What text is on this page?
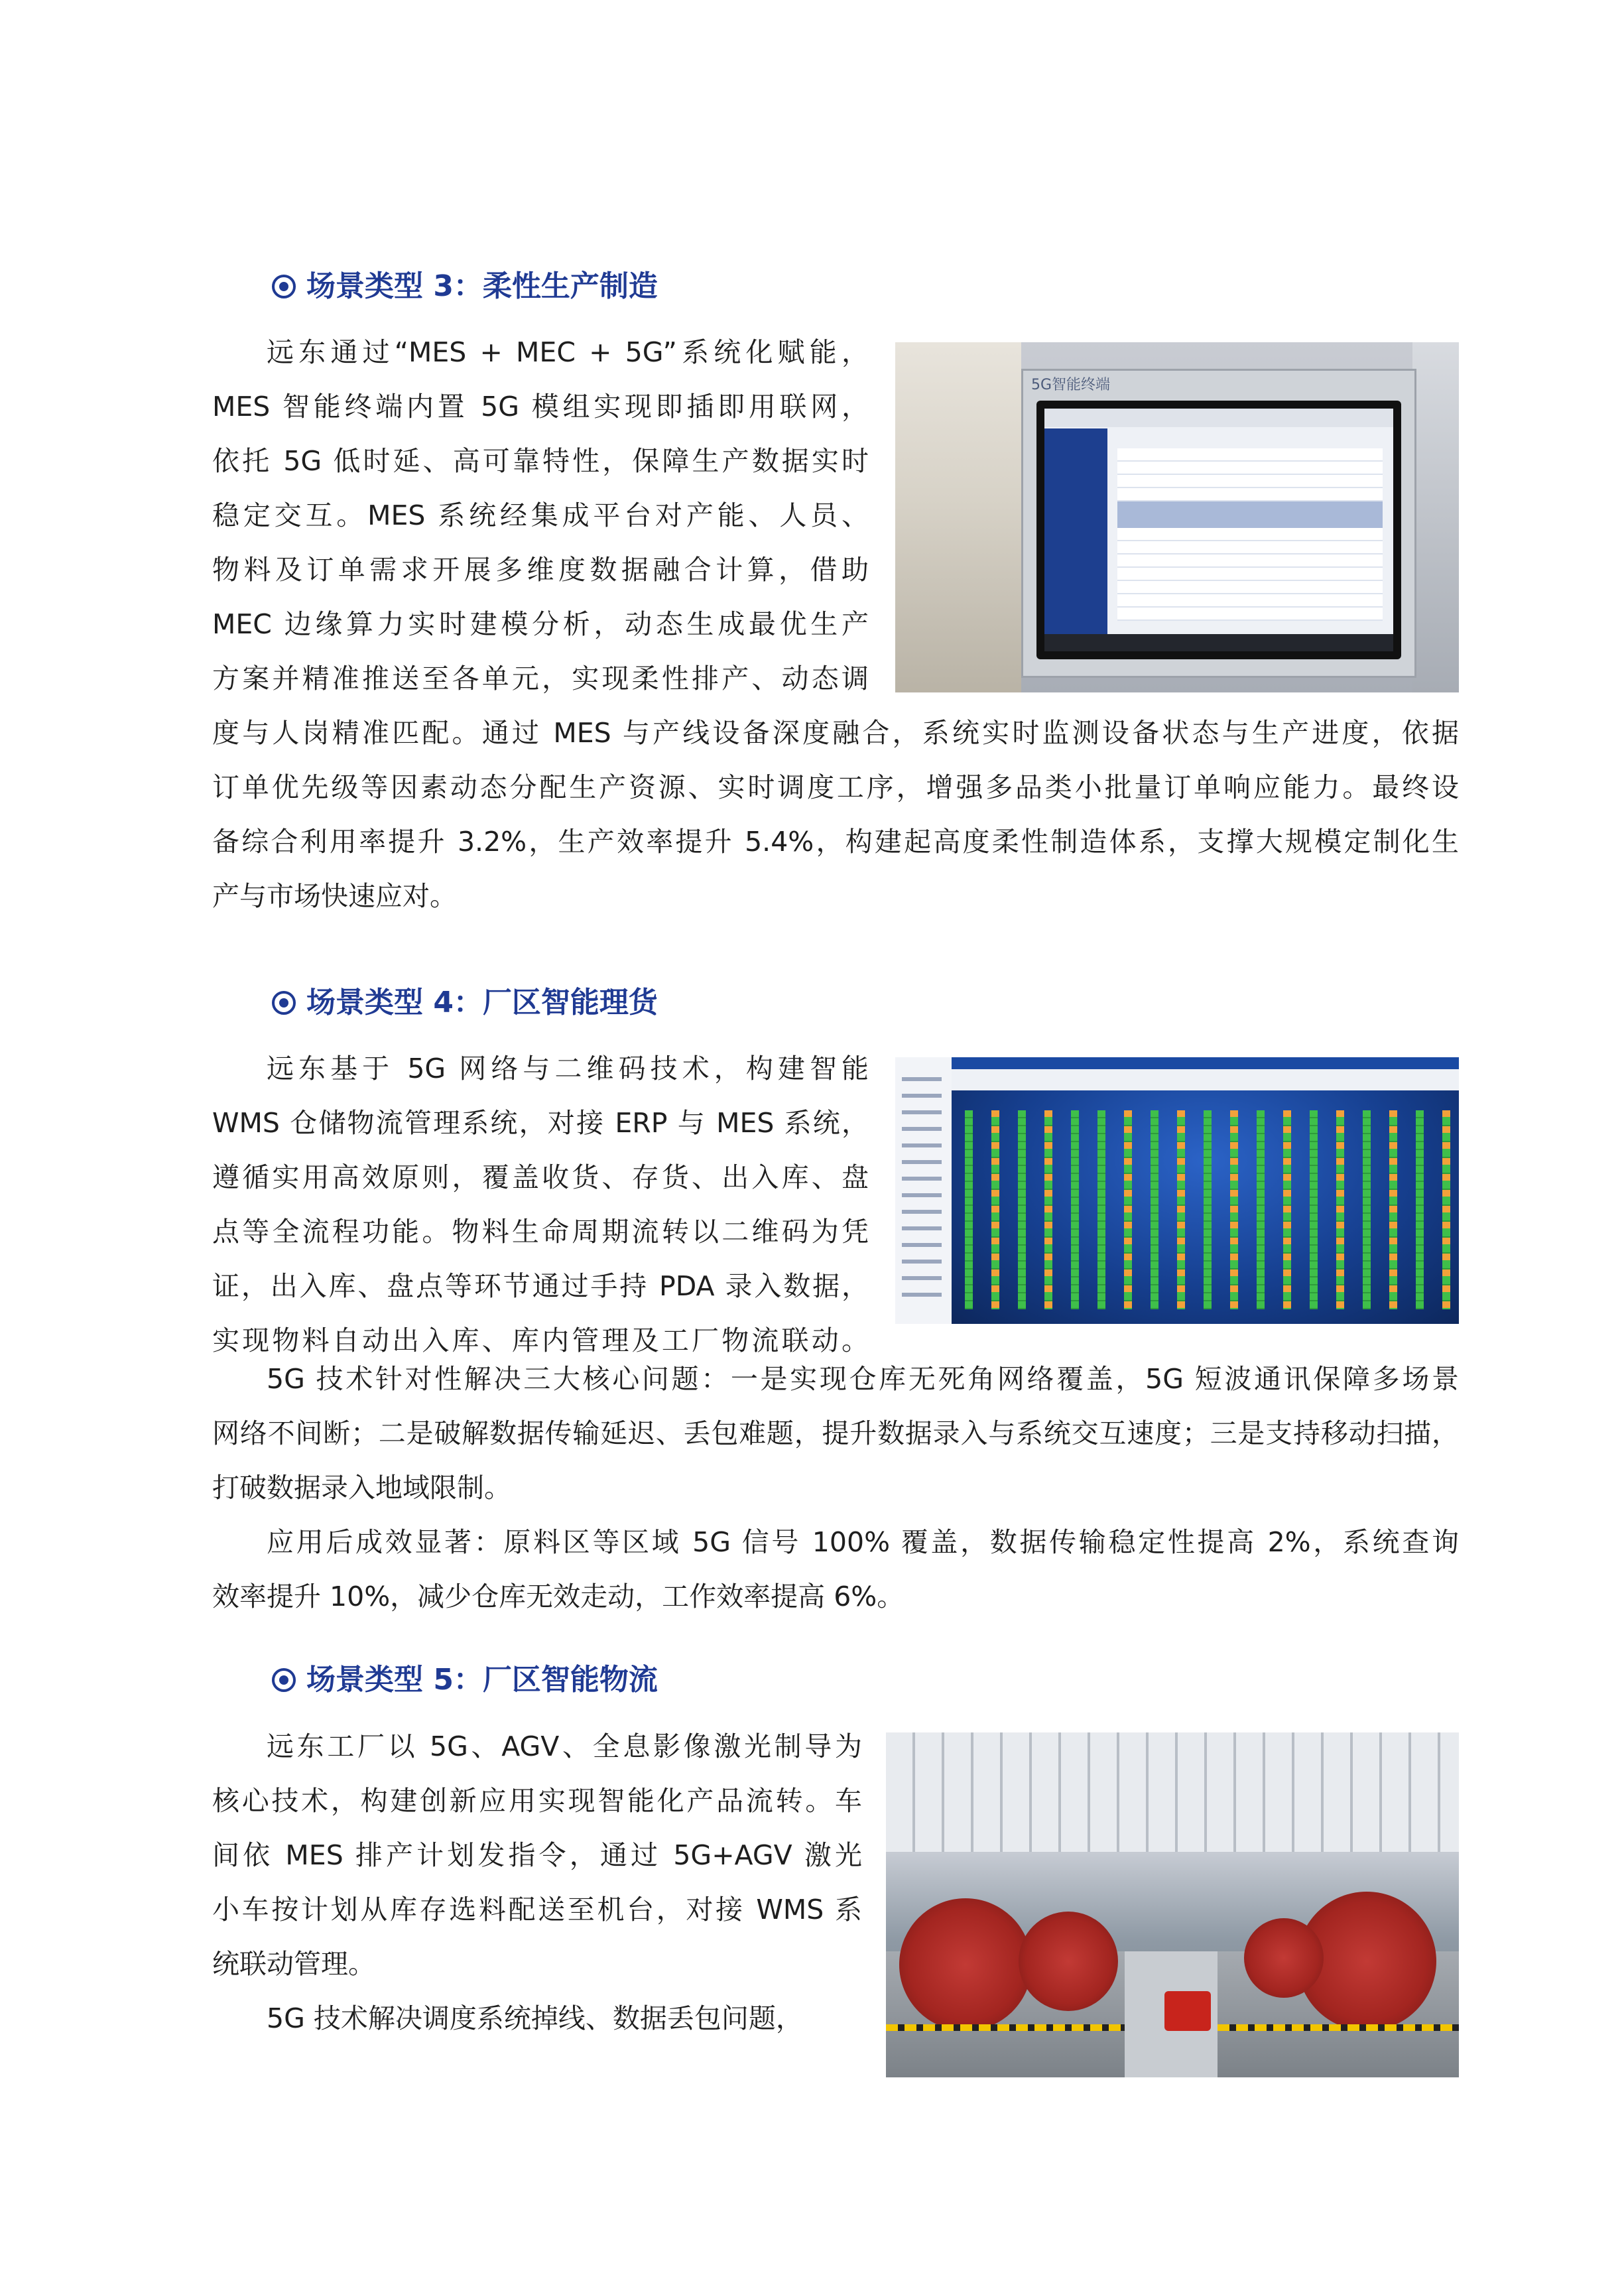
场景类型 3：柔性生产制造
远东通过“MES + MEC + 5G”系统化赋能，
MES 智能终端内置 5G 模组实现即插即用联网，
依托 5G 低时延、高可靠特性，保障生产数据实时
稳定交互。MES 系统经集成平台对产能、人员、
物料及订单需求开展多维度数据融合计算，借助
MEC 边缘算力实时建模分析，动态生成最优生产
方案并精准推送至各单元，实现柔性排产、动态调
度与人岗精准匹配。通过 MES 与产线设备深度融合，系统实时监测设备状态与生产进度，依据
订单优先级等因素动态分配生产资源、实时调度工序，增强多品类小批量订单响应能力。最终设
备综合利用率提升 3.2%，生产效率提升 5.4%，构建起高度柔性制造体系，支撑大规模定制化生
产与市场快速应对。
5G智能终端
场景类型 4：厂区智能理货
远东基于 5G 网络与二维码技术，构建智能
WMS 仓储物流管理系统，对接 ERP 与 MES 系统，
遵循实用高效原则，覆盖收货、存货、出入库、盘
点等全流程功能。物料生命周期流转以二维码为凭
证，出入库、盘点等环节通过手持 PDA 录入数据，
实现物料自动出入库、库内管理及工厂物流联动。
5G 技术针对性解决三大核心问题：一是实现仓库无死角网络覆盖，5G 短波通讯保障多场景
网络不间断；二是破解数据传输延迟、丢包难题，提升数据录入与系统交互速度；三是支持移动扫描，
打破数据录入地域限制。
应用后成效显著：原料区等区域 5G 信号 100% 覆盖，数据传输稳定性提高 2%，系统查询
效率提升 10%，减少仓库无效走动，工作效率提高 6%。
场景类型 5：厂区智能物流
远东工厂以 5G、AGV、全息影像激光制导为
核心技术，构建创新应用实现智能化产品流转。车
间依 MES 排产计划发指令，通过 5G+AGV 激光
小车按计划从库存选料配送至机台，对接 WMS 系
统联动管理。
5G 技术解决调度系统掉线、数据丢包问题，
